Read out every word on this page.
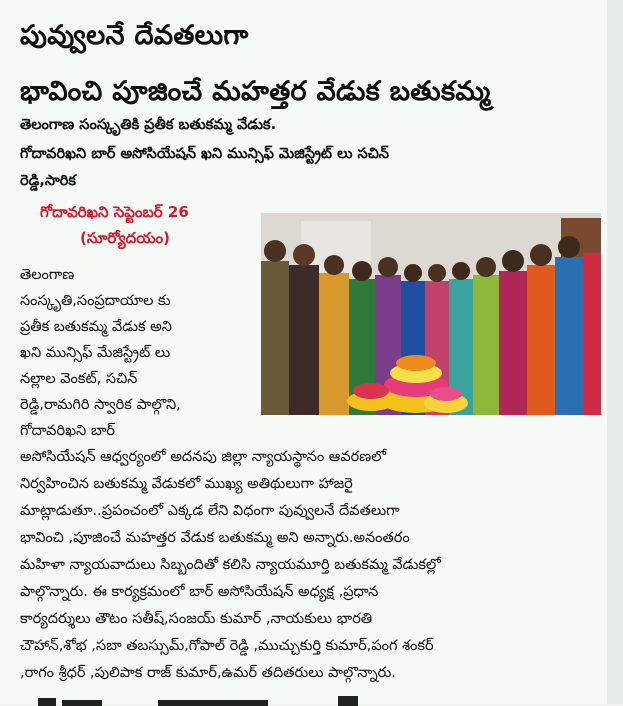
పువ్వులనే దేవతలుగా
భావించి పూజించే మహత్తర వేడుక బతుకమ్మ
తెలంగాణ సంస్కృతికి ప్రతీక బతుకమ్మ వేడుక.
గోదావరిఖని బార్ అసోసియేషన్ ఖని మున్సిఫ్ మెజిస్ట్రేట్ లు సచిన్
రెడ్డి,సారిక
గోదావరిఖని సెప్టెంబర్ 26
(సూర్యోదయం)
తెలంగాణ
సంస్కృతి,సంప్రదాయాల కు
ప్రతీక బతుకమ్మ వేడుక అని
ఖని మున్సిఫ్ మేజిస్ట్రేట్ లు
నల్లాల వెంకట్, సచిన్
రెడ్డి,రామగిరి స్వారిక పాల్గొని,
గోదావరిఖని బార్
అసోసియేషన్ ఆధ్వర్యంలో అదనపు జిల్లా న్యాయస్థానం ఆవరణలో
నిర్వహించిన బతుకమ్మ వేడుకలో ముఖ్య అతిథులుగా హాజరై
మాట్లాడుతూ..ప్రపంచంలో ఎక్కడ లేని విధంగా పువ్వులనే దేవతలుగా
భావించి ,పూజించే మహత్తర వేడుక బతుకమ్మ అని అన్నారు.అనంతరం
మహిళా న్యాయవాదులు సిబ్బందితో కలిసి న్యాయమూర్తి బతుకమ్మ వేడుకల్లో
పాల్గొన్నారు. ఈ కార్యక్రమంలో బార్ అసోసియేషన్ అధ్యక్ష ,ప్రధాన
కార్యదర్శులు తౌటం సతీష్,సంజయ్ కుమార్ ,నాయకులు భారతి
చౌహాన్,శోభ ,సబా తబస్సుమ్,గోపాల్ రెడ్డి ,ముచ్చుకుర్తి కుమార్,పంగ శంకర్
,రాగం శ్రీధర్ ,పులిపాక రాజ్ కుమార్,ఉమర్ తదితరులు పాల్గొన్నారు.
